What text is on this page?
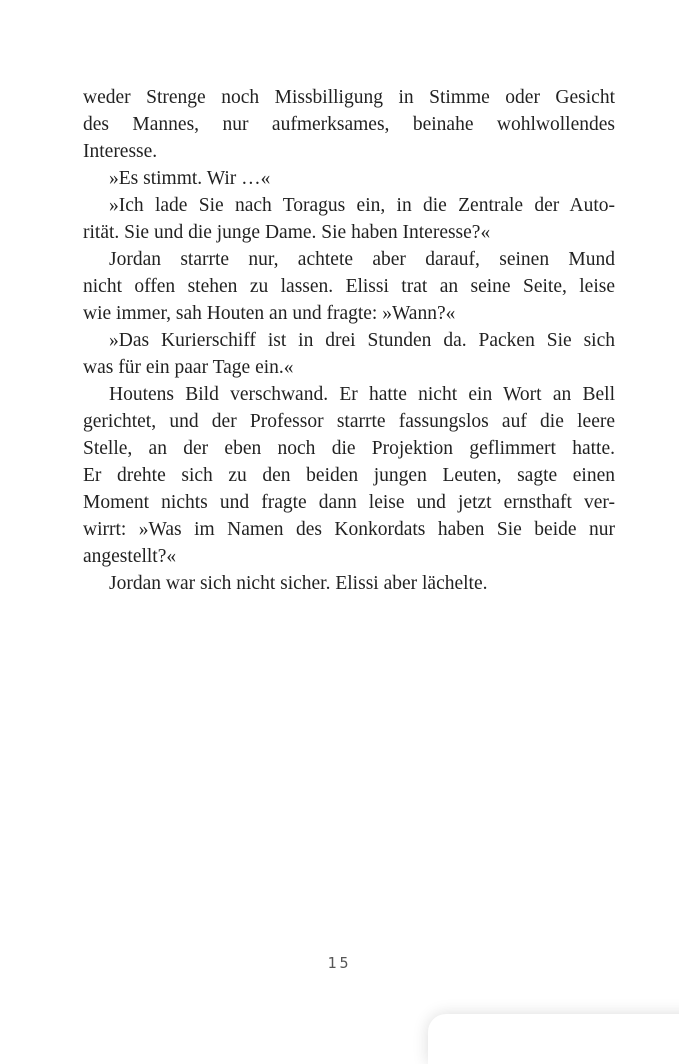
weder Strenge noch Missbilligung in Stimme oder Gesicht
des Mannes, nur aufmerksames, beinahe wohlwollendes
Interesse.
»Es stimmt. Wir …«
»Ich lade Sie nach Toragus ein, in die Zentrale der Auto-
rität. Sie und die junge Dame. Sie haben Interesse?«
Jordan starrte nur, achtete aber darauf, seinen Mund
nicht offen stehen zu lassen. Elissi trat an seine Seite, leise
wie immer, sah Houten an und fragte: »Wann?«
»Das Kurierschiff ist in drei Stunden da. Packen Sie sich
was für ein paar Tage ein.«
Houtens Bild verschwand. Er hatte nicht ein Wort an Bell
gerichtet, und der Professor starrte fassungslos auf die leere
Stelle, an der eben noch die Projektion geflimmert hatte.
Er drehte sich zu den beiden jungen Leuten, sagte einen
Moment nichts und fragte dann leise und jetzt ernsthaft ver-
wirrt: »Was im Namen des Konkordats haben Sie beide nur
angestellt?«
Jordan war sich nicht sicher. Elissi aber lächelte.
15
